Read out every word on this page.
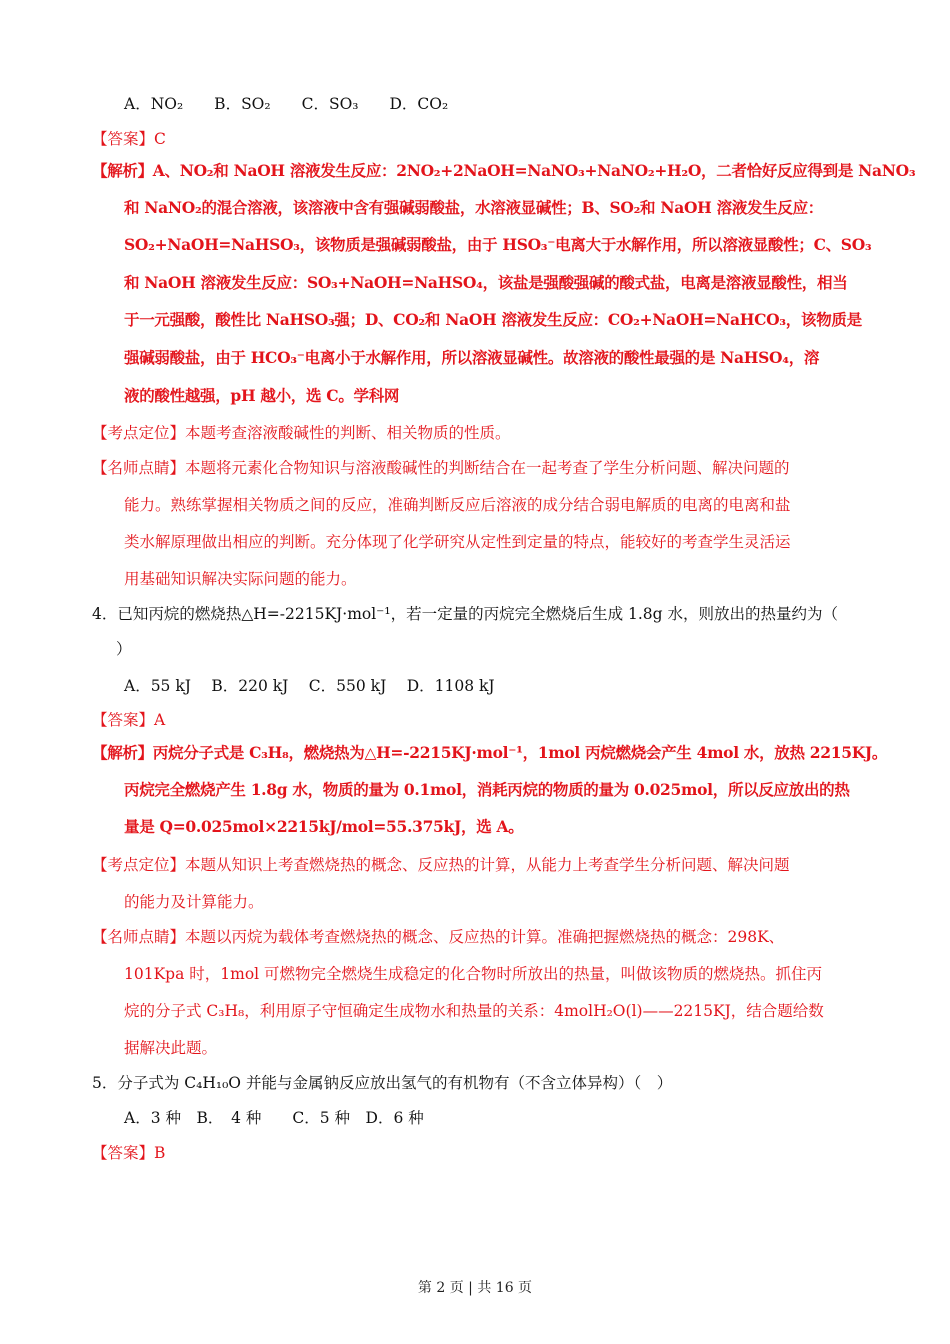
A．NO₂　　B．SO₂　　C．SO₃　　D．CO₂
【答案】C
【解析】A、NO₂和 NaOH 溶液发生反应：2NO₂+2NaOH=NaNO₃+NaNO₂+H₂O，二者恰好反应得到是 NaNO₃
和 NaNO₂的混合溶液，该溶液中含有强碱弱酸盐，水溶液显碱性；B、SO₂和 NaOH 溶液发生反应：
SO₂+NaOH=NaHSO₃，该物质是强碱弱酸盐，由于 HSO₃⁻电离大于水解作用，所以溶液显酸性；C、SO₃
和 NaOH 溶液发生反应：SO₃+NaOH=NaHSO₄，该盐是强酸强碱的酸式盐，电离是溶液显酸性，相当
于一元强酸，酸性比 NaHSO₃强；D、CO₂和 NaOH 溶液发生反应：CO₂+NaOH=NaHCO₃，该物质是
强碱弱酸盐，由于 HCO₃⁻电离小于水解作用，所以溶液显碱性。故溶液的酸性最强的是 NaHSO₄，溶
液的酸性越强，pH 越小，选 C。学科网
【考点定位】本题考查溶液酸碱性的判断、相关物质的性质。
【名师点睛】本题将元素化合物知识与溶液酸碱性的判断结合在一起考查了学生分析问题、解决问题的
能力。熟练掌握相关物质之间的反应，准确判断反应后溶液的成分结合弱电解质的电离的电离和盐
类水解原理做出相应的判断。充分体现了化学研究从定性到定量的特点，能较好的考查学生灵活运
用基础知识解决实际问题的能力。
4．已知丙烷的燃烧热△H=-2215KJ·mol⁻¹，若一定量的丙烷完全燃烧后生成 1.8g 水，则放出的热量约为（
）
A．55 kJ　 B．220 kJ　 C．550 kJ　 D．1108 kJ
【答案】A
【解析】丙烷分子式是 C₃H₈，燃烧热为△H=-2215KJ·mol⁻¹，1mol 丙烷燃烧会产生 4mol 水，放热 2215KJ。
丙烷完全燃烧产生 1.8g 水，物质的量为 0.1mol，消耗丙烷的物质的量为 0.025mol，所以反应放出的热
量是 Q=0.025mol×2215kJ/mol=55.375kJ，选 A。
【考点定位】本题从知识上考查燃烧热的概念、反应热的计算，从能力上考查学生分析问题、解决问题
的能力及计算能力。
【名师点睛】本题以丙烷为载体考查燃烧热的概念、反应热的计算。准确把握燃烧热的概念：298K、
101Kpa 时，1mol 可燃物完全燃烧生成稳定的化合物时所放出的热量，叫做该物质的燃烧热。抓住丙
烷的分子式 C₃H₈，利用原子守恒确定生成物水和热量的关系：4molH₂O(l)——2215KJ，结合题给数
据解决此题。
5．分子式为 C₄H₁₀O 并能与金属钠反应放出氢气的有机物有（不含立体异构）（　）
A．3 种　B．　4 种　　C．5 种　D．6 种
【答案】B
第 2 页 | 共 16 页
